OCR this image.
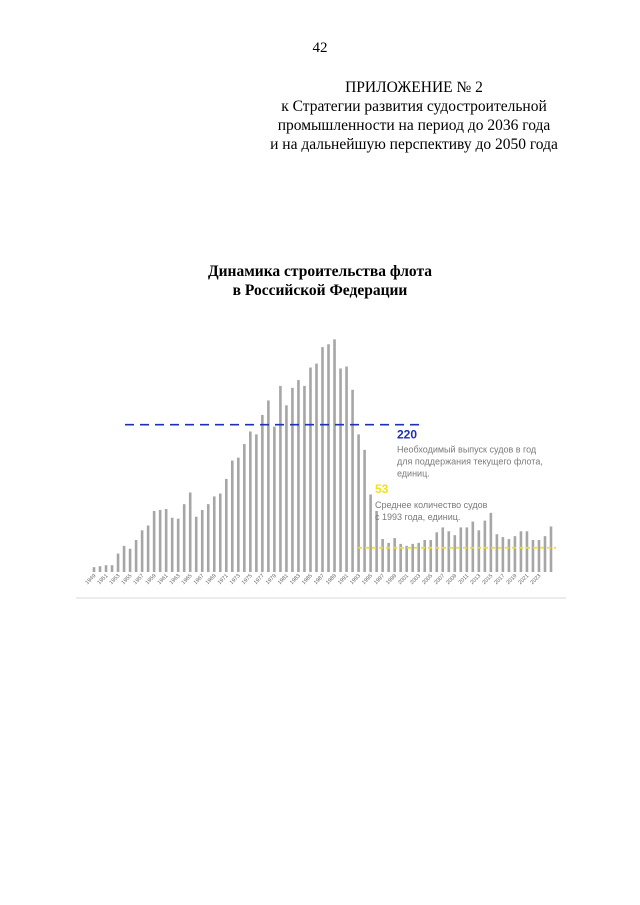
42
ПРИЛОЖЕНИЕ № 2
к Стратегии развития судостроительной
промышленности на период до 2036 года
и на дальнейшую перспективу до 2050 года
Динамика строительства флота
в Российской Федерации
1949 1951 1953 1955 1957 1959 1961 1963 1965 1967 1969 1971 1973 1975 1977 1979 1981 1983 1985 1987 1989 1991 1993 1995 1997 1999 2001 2003 2005 2007 2009 2011 2013 2015 2017 2019 2021 2023
220
Необходимый выпуск судов в год
для поддержания текущего флота,
единиц.
53
Среднее количество судов
с 1993 года, единиц.
